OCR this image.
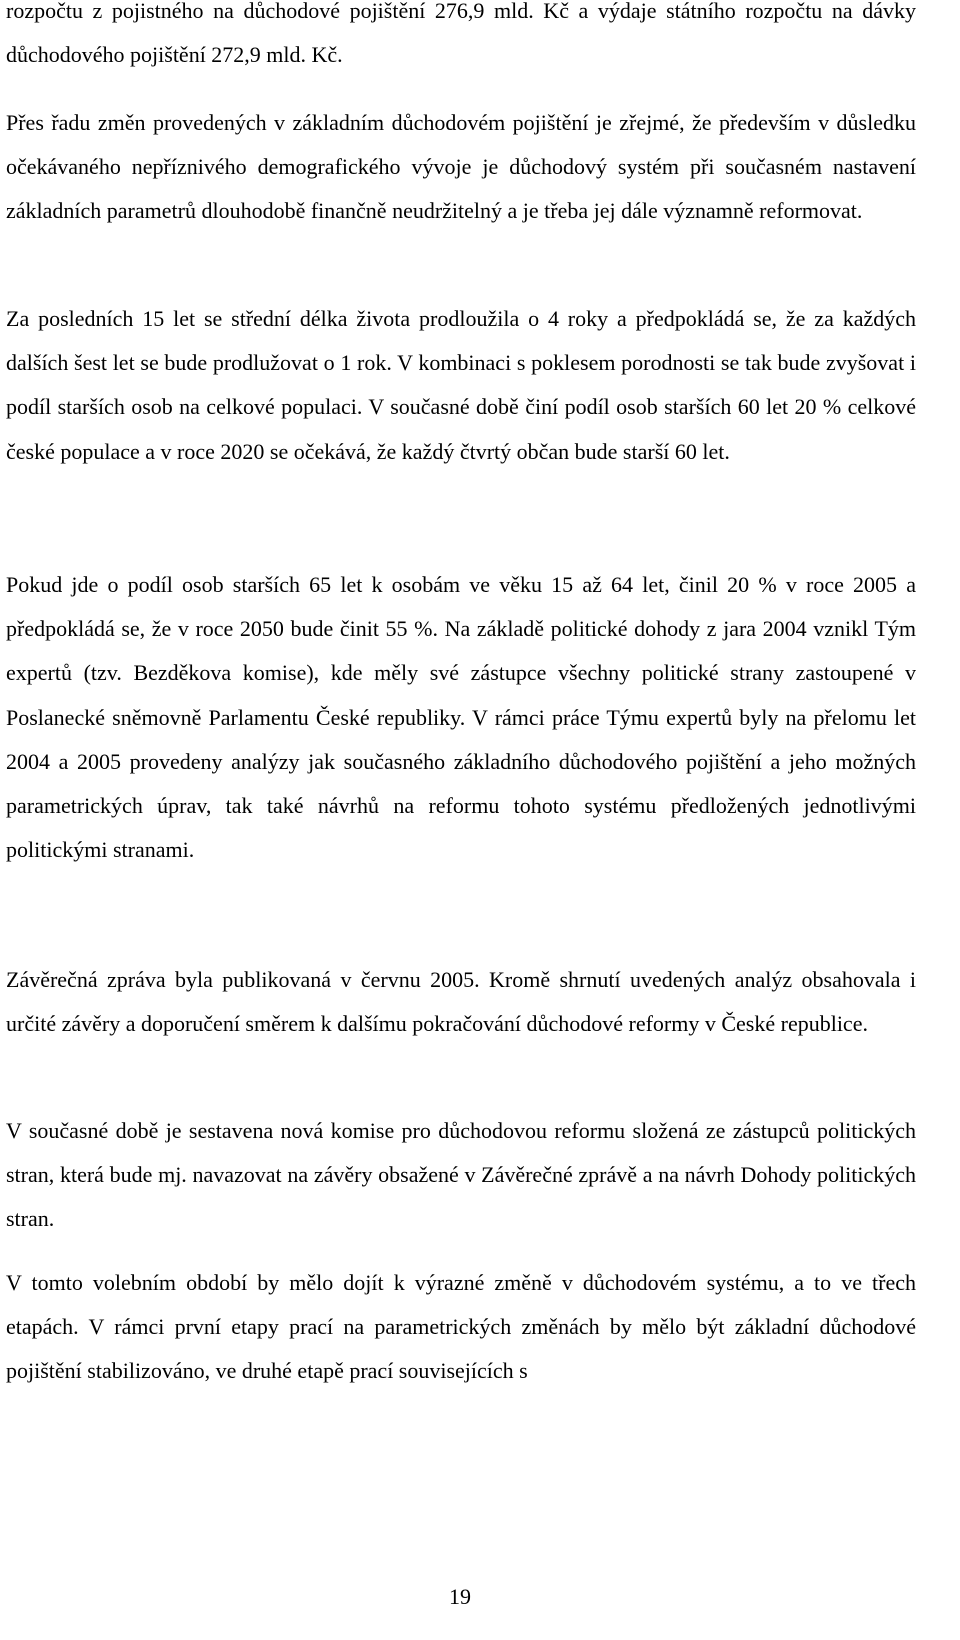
rozpočtu z pojistného na důchodové pojištění 276,9 mld. Kč a výdaje státního rozpočtu na dávky důchodového pojištění 272,9 mld. Kč.

Přes řadu změn provedených v základním důchodovém pojištění je zřejmé, že především v důsledku očekávaného nepříznivého demografického vývoje je důchodový systém při současném nastavení základních parametrů dlouhodobě finančně neudržitelný a je třeba jej dále významně reformovat.

Za posledních 15 let se střední délka života prodloužila o 4 roky a předpokládá se, že za každých dalších šest let se bude prodlužovat o 1 rok. V kombinaci s poklesem porodnosti se tak bude zvyšovat i podíl starších osob na celkové populaci. V současné době činí podíl osob starších 60 let 20 % celkové české populace a v roce 2020 se očekává, že každý čtvrtý občan bude starší 60 let.

Pokud jde o podíl osob starších 65 let k osobám ve věku 15 až 64 let, činil 20 % v roce 2005 a předpokládá se, že v roce 2050 bude činit 55 %. Na základě politické dohody z jara 2004 vznikl Tým expertů (tzv. Bezděkova komise), kde měly své zástupce všechny politické strany zastoupené v Poslanecké sněmovně Parlamentu České republiky. V rámci práce Týmu expertů byly na přelomu let 2004 a 2005 provedeny analýzy jak současného základního důchodového pojištění a jeho možných parametrických úprav, tak také návrhů na reformu tohoto systému předložených jednotlivými politickými stranami.

Závěrečná zpráva byla publikovaná v červnu 2005. Kromě shrnutí uvedených analýz obsahovala i určité závěry a doporučení směrem k dalšímu pokračování důchodové reformy v České republice.

V současné době je sestavena nová komise pro důchodovou reformu složená ze zástupců politických stran, která bude mj. navazovat na závěry obsažené v Závěrečné zprávě a na návrh Dohody politických stran.

V tomto volebním období by mělo dojít k výrazné změně v důchodovém systému, a to ve třech etapách. V rámci první etapy prací na parametrických změnách by mělo být základní důchodové pojištění stabilizováno, ve druhé etapě prací souvisejících s

19
